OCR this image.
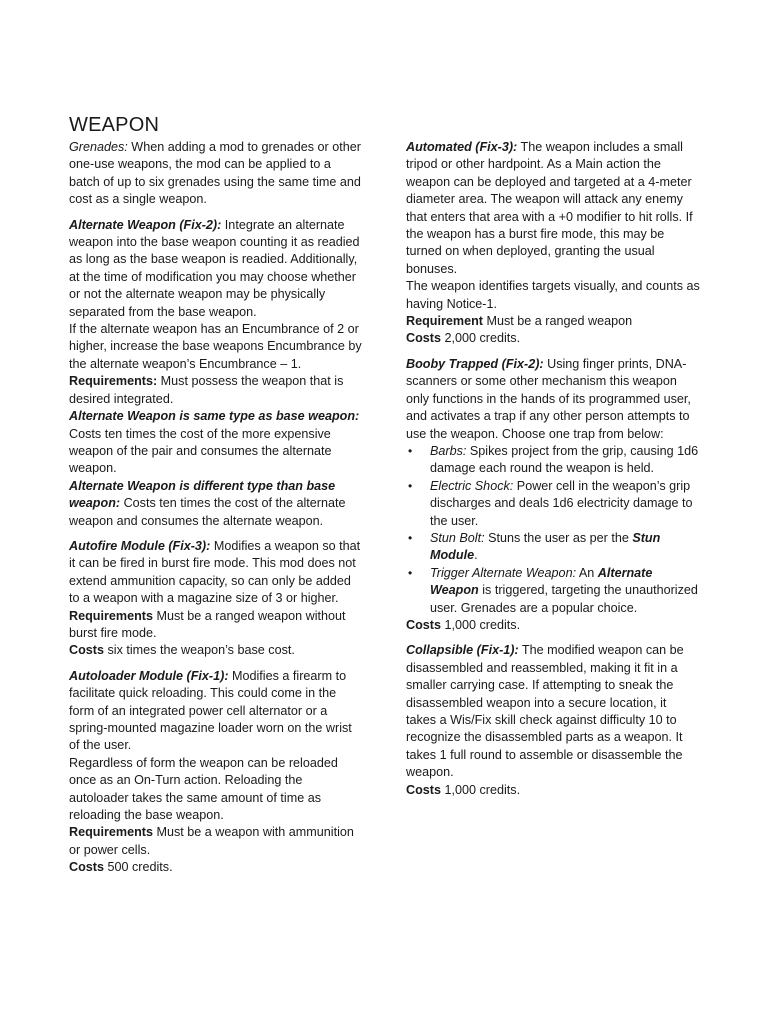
WEAPON

Grenades: When adding a mod to grenades or other one-use weapons, the mod can be applied to a batch of up to six grenades using the same time and cost as a single weapon.

Alternate Weapon (Fix-2): Integrate an alternate weapon into the base weapon counting it as readied as long as the base weapon is readied. Additionally, at the time of modification you may choose whether or not the alternate weapon may be physically separated from the base weapon.

If the alternate weapon has an Encumbrance of 2 or higher, increase the base weapons Encumbrance by the alternate weapon’s Encumbrance – 1.

Requirements: Must possess the weapon that is desired integrated.

Alternate Weapon is same type as base weapon: Costs ten times the cost of the more expensive weapon of the pair and consumes the alternate weapon.

Alternate Weapon is different type than base weapon: Costs ten times the cost of the alternate weapon and consumes the alternate weapon.

Autofire Module (Fix-3): Modifies a weapon so that it can be fired in burst fire mode. This mod does not extend ammunition capacity, so can only be added to a weapon with a magazine size of 3 or higher.

Requirements Must be a ranged weapon without burst fire mode.

Costs six times the weapon’s base cost.

Autoloader Module (Fix-1): Modifies a firearm to facilitate quick reloading. This could come in the form of an integrated power cell alternator or a spring-mounted magazine loader worn on the wrist of the user.

Regardless of form the weapon can be reloaded once as an On-Turn action. Reloading the autoloader takes the same amount of time as reloading the base weapon.

Requirements Must be a weapon with ammunition or power cells.

Costs 500 credits.

Automated (Fix-3): The weapon includes a small tripod or other hardpoint. As a Main action the weapon can be deployed and targeted at a 4-meter diameter area. The weapon will attack any enemy that enters that area with a +0 modifier to hit rolls. If the weapon has a burst fire mode, this may be turned on when deployed, granting the usual bonuses.

The weapon identifies targets visually, and counts as having Notice-1.

Requirement Must be a ranged weapon

Costs 2,000 credits.

Booby Trapped (Fix-2): Using finger prints, DNA-scanners or some other mechanism this weapon only functions in the hands of its programmed user, and activates a trap if any other person attempts to use the weapon. Choose one trap from below:

• Barbs: Spikes project from the grip, causing 1d6 damage each round the weapon is held.
• Electric Shock: Power cell in the weapon’s grip discharges and deals 1d6 electricity damage to the user.
• Stun Bolt: Stuns the user as per the Stun Module.
• Trigger Alternate Weapon: An Alternate Weapon is triggered, targeting the unauthorized user. Grenades are a popular choice.

Costs 1,000 credits.

Collapsible (Fix-1): The modified weapon can be disassembled and reassembled, making it fit in a smaller carrying case. If attempting to sneak the disassembled weapon into a secure location, it takes a Wis/Fix skill check against difficulty 10 to recognize the disassembled parts as a weapon. It takes 1 full round to assemble or disassemble the weapon.

Costs 1,000 credits.
